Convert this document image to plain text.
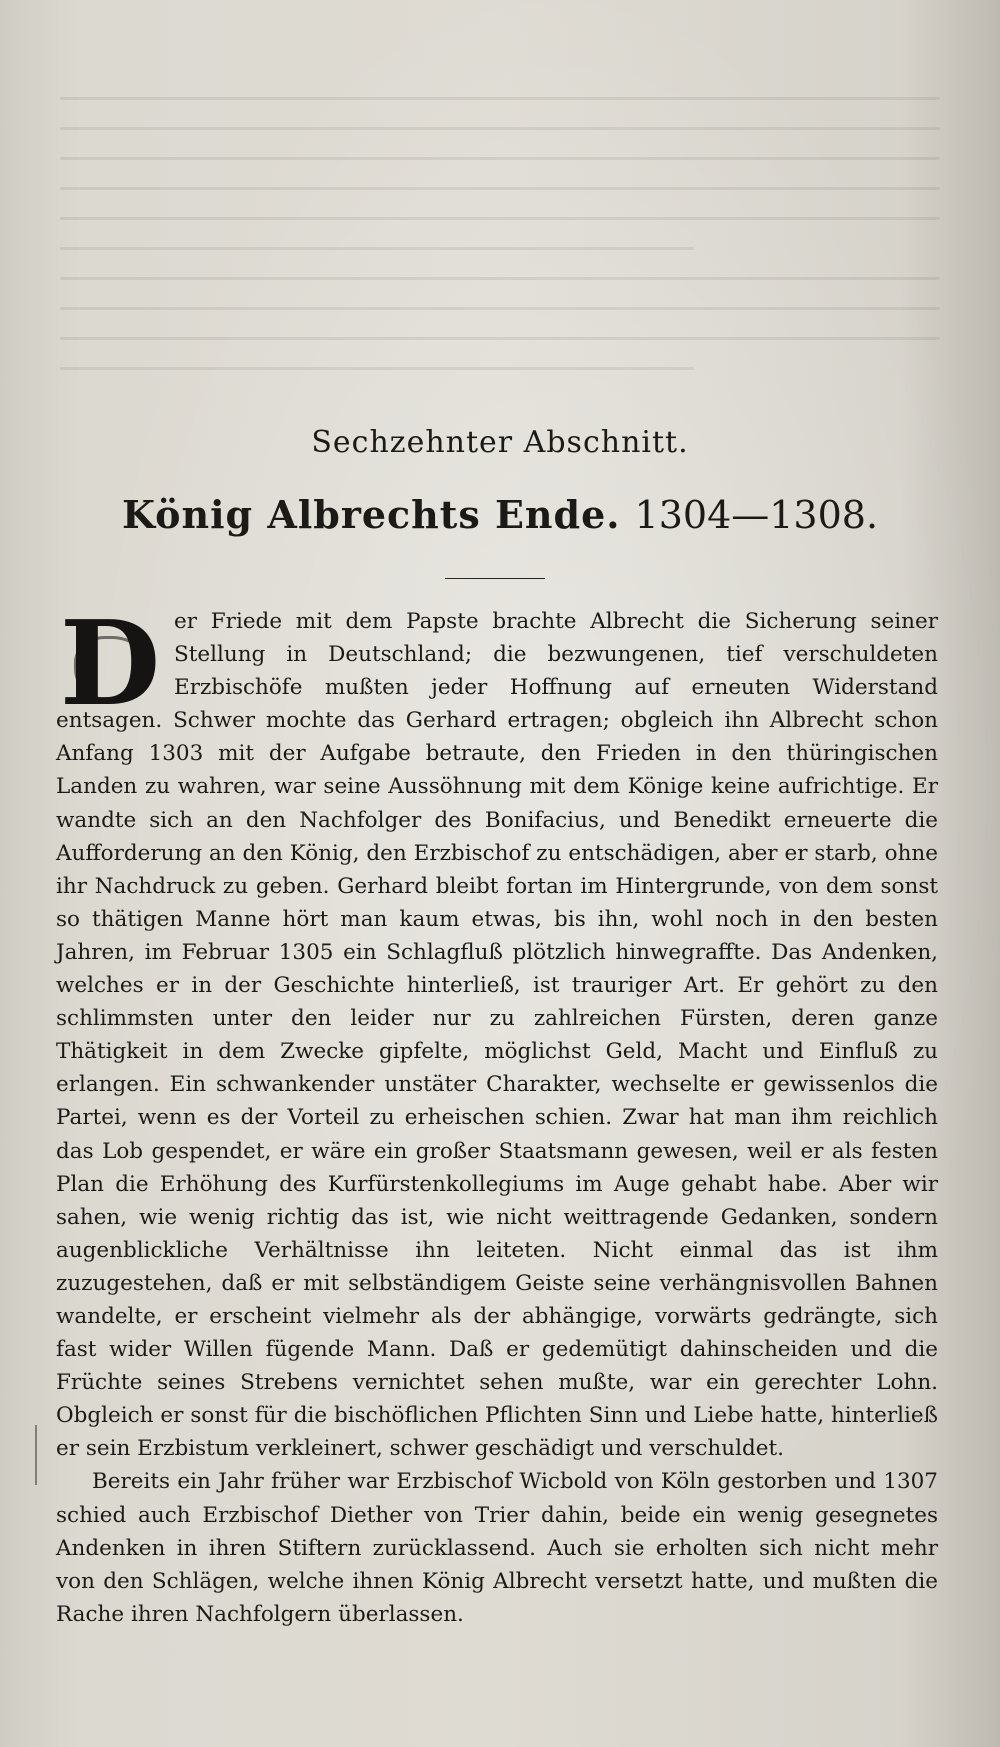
Sechzehnter Abschnitt.
König Albrechts Ende. 1304—1308.
D er Friede mit dem Papste brachte Albrecht die Sicherung seiner Stellung in Deutschland; die bezwungenen, tief verschuldeten Erzbischöfe mußten jeder Hoffnung auf erneuten Widerstand entsagen. Schwer mochte das Gerhard ertragen; obgleich ihn Albrecht schon Anfang 1303 mit der Aufgabe betraute, den Frieden in den thüringischen Landen zu wahren, war seine Aussöhnung mit dem Könige keine aufrichtige. Er wandte sich an den Nachfolger des Bonifacius, und Benedikt erneuerte die Aufforderung an den König, den Erzbischof zu entschädigen, aber er starb, ohne ihr Nachdruck zu geben. Gerhard bleibt fortan im Hintergrunde, von dem sonst so thätigen Manne hört man kaum etwas, bis ihn, wohl noch in den besten Jahren, im Februar 1305 ein Schlagfluß plötzlich hinwegraffte. Das Andenken, welches er in der Geschichte hinterließ, ist trauriger Art. Er gehört zu den schlimmsten unter den leider nur zu zahlreichen Fürsten, deren ganze Thätigkeit in dem Zwecke gipfelte, möglichst Geld, Macht und Einfluß zu erlangen. Ein schwankender unstäter Charakter, wechselte er gewissenlos die Partei, wenn es der Vorteil zu erheischen schien. Zwar hat man ihm reichlich das Lob gespendet, er wäre ein großer Staatsmann gewesen, weil er als festen Plan die Erhöhung des Kurfürstenkollegiums im Auge gehabt habe. Aber wir sahen, wie wenig richtig das ist, wie nicht weittragende Gedanken, sondern augenblickliche Verhältnisse ihn leiteten. Nicht einmal das ist ihm zuzugestehen, daß er mit selbständigem Geiste seine verhängnisvollen Bahnen wandelte, er erscheint vielmehr als der abhängige, vorwärts gedrängte, sich fast wider Willen fügende Mann. Daß er gedemütigt dahinscheiden und die Früchte seines Strebens vernichtet sehen mußte, war ein gerechter Lohn. Obgleich er sonst für die bischöflichen Pflichten Sinn und Liebe hatte, hinterließ er sein Erzbistum verkleinert, schwer geschädigt und verschuldet.

Bereits ein Jahr früher war Erzbischof Wicbold von Köln gestorben und 1307 schied auch Erzbischof Diether von Trier dahin, beide ein wenig gesegnetes Andenken in ihren Stiftern zurücklassend. Auch sie erholten sich nicht mehr von den Schlägen, welche ihnen König Albrecht versetzt hatte, und mußten die Rache ihren Nachfolgern überlassen.
